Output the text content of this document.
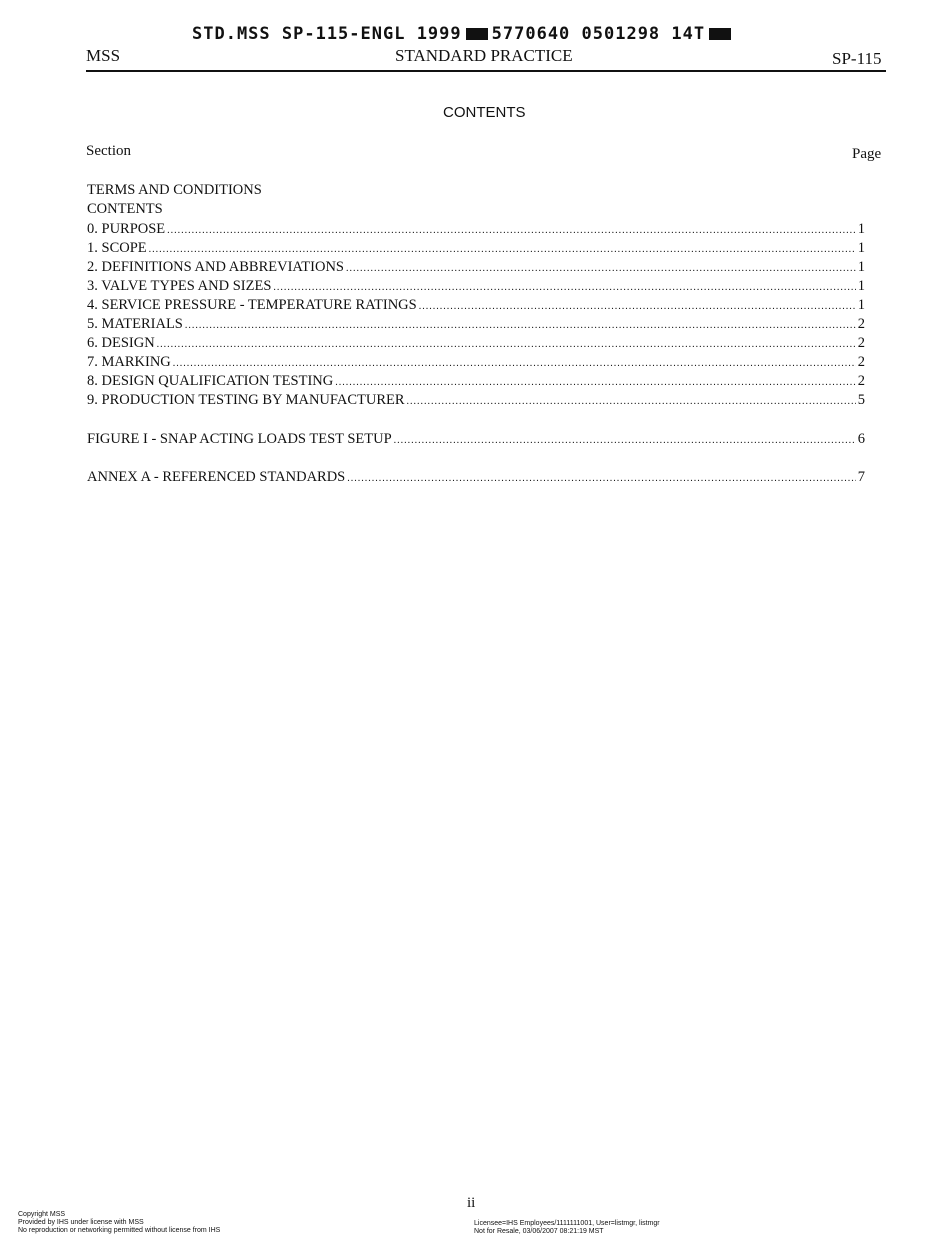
STD.MSS SP-115-ENGL 1999 5770640 0501298 14T
MSS	STANDARD PRACTICE	SP-115
CONTENTS
Section	Page
TERMS AND CONDITIONS
CONTENTS
0. PURPOSE .....	1
1. SCOPE .....	1
2. DEFINITIONS AND ABBREVIATIONS .....	1
3. VALVE TYPES AND SIZES .....	1
4. SERVICE PRESSURE - TEMPERATURE RATINGS .....	1
5. MATERIALS .....	2
6. DESIGN .....	2
7. MARKING .....	2
8. DESIGN QUALIFICATION TESTING .....	2
9. PRODUCTION TESTING BY MANUFACTURER .....	5
FIGURE I - SNAP ACTING LOADS TEST SETUP .....	6
ANNEX A - REFERENCED STANDARDS .....	7
ii
Copyright MSS
Provided by IHS under license with MSS
No reproduction or networking permitted without license from IHS
Licensee=IHS Employees/1111111001, User=listmgr, listmgr
Not for Resale, 03/06/2007 08:21:19 MST
